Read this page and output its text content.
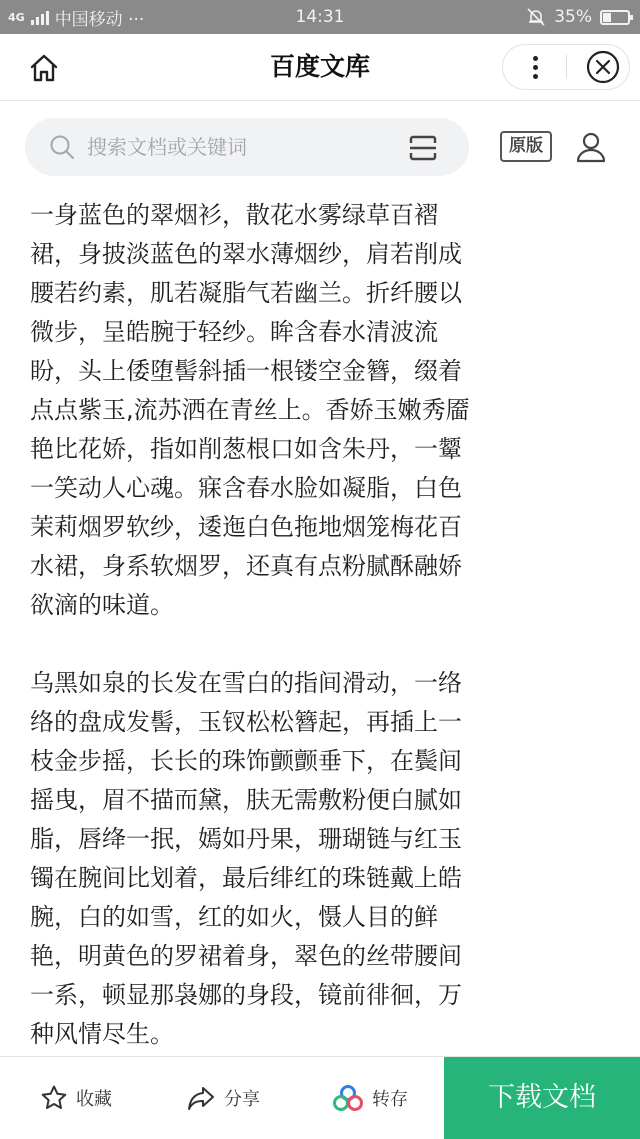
4G 中国移动 ···	14:31	35%
百度文库
搜索文档或关键词	原版

一身蓝色的翠烟衫，散花水雾绿草百褶
裙，身披淡蓝色的翠水薄烟纱，肩若削成
腰若约素，肌若凝脂气若幽兰。折纤腰以
微步，呈皓腕于轻纱。眸含春水清波流
盼，头上倭堕髻斜插一根镂空金簪，缀着
点点紫玉,流苏洒在青丝上。香娇玉嫩秀靥
艳比花娇，指如削葱根口如含朱丹，一颦
一笑动人心魂。寐含春水脸如凝脂，白色
茉莉烟罗软纱，逶迤白色拖地烟笼梅花百
水裙，身系软烟罗，还真有点粉腻酥融娇
欲滴的味道。

乌黑如泉的长发在雪白的指间滑动，一络
络的盘成发髻，玉钗松松簪起，再插上一
枝金步摇，长长的珠饰颤颤垂下，在鬓间
摇曳，眉不描而黛，肤无需敷粉便白腻如
脂，唇绛一抿，嫣如丹果，珊瑚链与红玉
镯在腕间比划着，最后绯红的珠链戴上皓
腕，白的如雪，红的如火，慑人目的鲜
艳，明黄色的罗裙着身，翠色的丝带腰间
一系，顿显那袅娜的身段，镜前徘徊，万
种风情尽生。

收藏	分享	转存	下载文档
